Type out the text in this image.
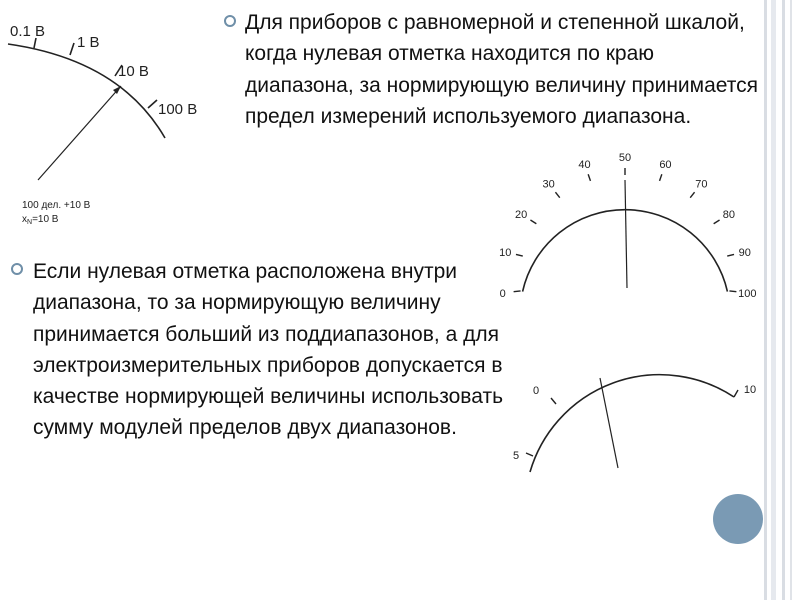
0.1 В
1 В
10 В
100 В
100 дел. +10 В
$x_N=10$ В

Для приборов с равномерной и степенной шкалой, когда нулевая отметка находится по краю диапазона, за нормирующую величину принимается предел измерений используемого диапазона.

0
10
20
30
40
50
60
70
80
90
100

Если нулевая отметка расположена внутри диапазона, то за нормирующую величину принимается больший из поддиапазонов, а для электроизмерительных приборов допускается в качестве нормирующей величины использовать сумму модулей пределов двух диапазонов.

0
5
10
